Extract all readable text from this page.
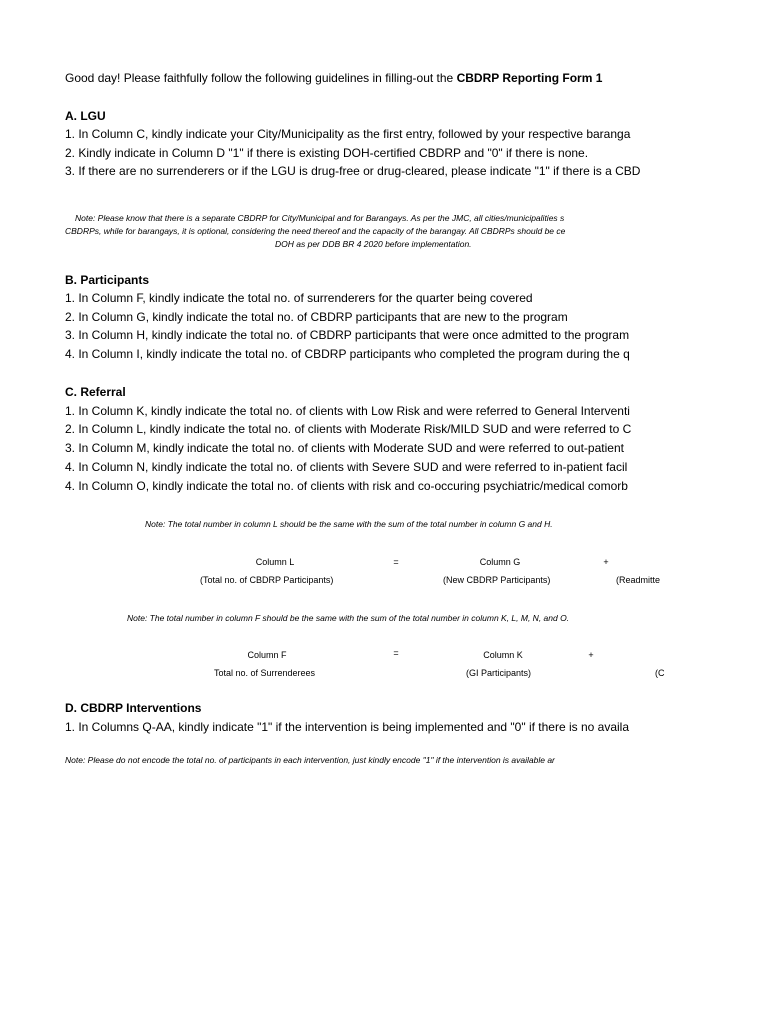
Good day! Please faithfully follow the following guidelines in filling-out the CBDRP Reporting Form 1
A. LGU
1. In Column C, kindly indicate your City/Municipality as the first entry, followed by your respective baranga
2. Kindly indicate in Column D "1" if there is existing DOH-certified CBDRP and "0" if there is none.
3. If there are no surrenderers or if the LGU is drug-free or drug-cleared, please indicate "1" if there is a CBD
Note: Please know that there is a separate CBDRP for City/Municipal and for Barangays. As per the JMC, all cities/municipalities s
CBDRPs, while for barangays, it is optional, considering the need thereof and the capacity of the barangay. All CBDRPs should be ce
DOH as per DDB BR 4 2020 before implementation.
B. Participants
1. In Column F, kindly indicate the total no. of surrenderers for the quarter being covered
2. In Column G, kindly indicate the total no. of CBDRP participants that are new to the program
3. In Column H, kindly indicate the total no. of CBDRP participants that were once admitted to the program
4. In Column I, kindly indicate the total no. of CBDRP participants who completed the program during the q
C. Referral
1. In Column K, kindly indicate the total no. of clients with Low Risk and were referred to General Interventi
2. In Column L, kindly indicate the total no. of clients with Moderate Risk/MILD SUD and were referred to C
3. In Column M, kindly indicate the total no. of clients with Moderate SUD and were referred to out-patient
4. In Column N, kindly indicate the total no. of clients with Severe SUD and were referred to in-patient facil
4. In Column O, kindly indicate the total no. of clients with risk and co-occuring psychiatric/medical comorb
Note: The total number in column L should be the same with the sum of the total number in column G and H.
Column L	=	Column G	+
(Total no. of CBDRP Participants)	(New CBDRP Participants)	(Readmitte
Note: The total number in column F should be the same with the sum of the total number in column K, L, M, N, and O.
Column F	=	Column K	+
Total no. of Surrenderees	(GI Participants)	(C
D. CBDRP Interventions
1. In Columns Q-AA, kindly indicate "1" if the intervention is being implemented and "0" if there is no availa
Note: Please do not encode the total no. of participants in each intervention, just kindly encode "1" if the intervention is available ar
